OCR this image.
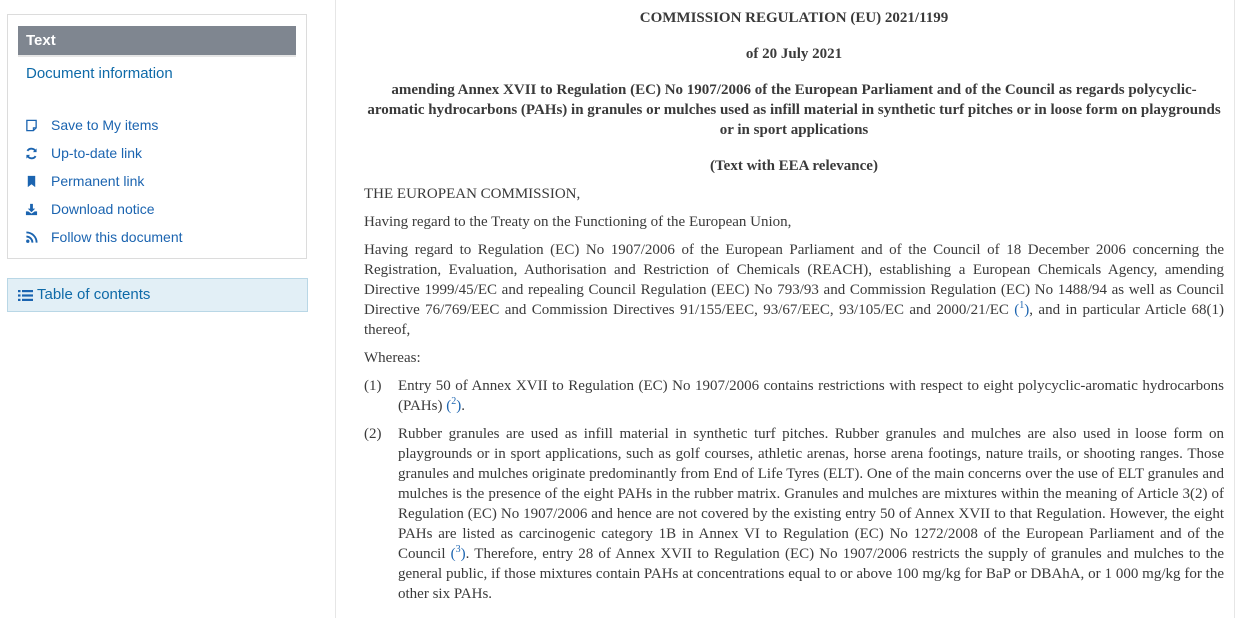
Text
Document information
Save to My items
Up-to-date link
Permanent link
Download notice
Follow this document
Table of contents
COMMISSION REGULATION (EU) 2021/1199
of 20 July 2021
amending Annex XVII to Regulation (EC) No 1907/2006 of the European Parliament and of the Council as regards polycyclic-aromatic hydrocarbons (PAHs) in granules or mulches used as infill material in synthetic turf pitches or in loose form on playgrounds or in sport applications
(Text with EEA relevance)
THE EUROPEAN COMMISSION,
Having regard to the Treaty on the Functioning of the European Union,
Having regard to Regulation (EC) No 1907/2006 of the European Parliament and of the Council of 18 December 2006 concerning the Registration, Evaluation, Authorisation and Restriction of Chemicals (REACH), establishing a European Chemicals Agency, amending Directive 1999/45/EC and repealing Council Regulation (EEC) No 793/93 and Commission Regulation (EC) No 1488/94 as well as Council Directive 76/769/EEC and Commission Directives 91/155/EEC, 93/67/EEC, 93/105/EC and 2000/21/EC ($^1$), and in particular Article 68(1) thereof,
Whereas:
(1)	Entry 50 of Annex XVII to Regulation (EC) No 1907/2006 contains restrictions with respect to eight polycyclic-aromatic hydrocarbons (PAHs) ($^2$).
(2)	Rubber granules are used as infill material in synthetic turf pitches. Rubber granules and mulches are also used in loose form on playgrounds or in sport applications, such as golf courses, athletic arenas, horse arena footings, nature trails, or shooting ranges. Those granules and mulches originate predominantly from End of Life Tyres (ELT). One of the main concerns over the use of ELT granules and mulches is the presence of the eight PAHs in the rubber matrix. Granules and mulches are mixtures within the meaning of Article 3(2) of Regulation (EC) No 1907/2006 and hence are not covered by the existing entry 50 of Annex XVII to that Regulation. However, the eight PAHs are listed as carcinogenic category 1B in Annex VI to Regulation (EC) No 1272/2008 of the European Parliament and of the Council ($^3$). Therefore, entry 28 of Annex XVII to Regulation (EC) No 1907/2006 restricts the supply of granules and mulches to the general public, if those mixtures contain PAHs at concentrations equal to or above 100 mg/kg for BaP or DBAhA, or 1 000 mg/kg for the other six PAHs.
